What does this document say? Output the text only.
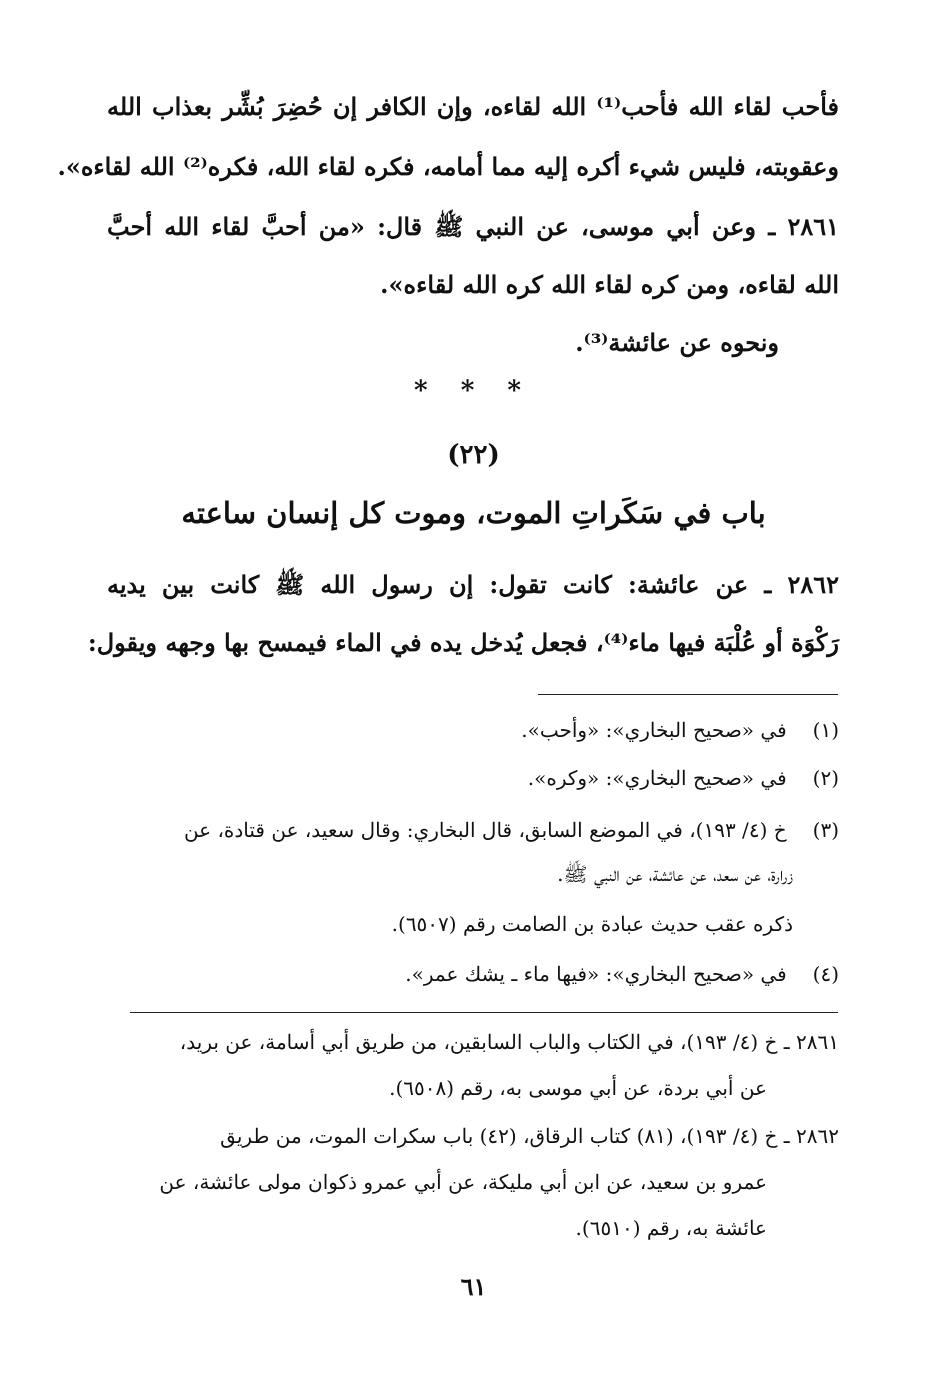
فأحب لقاء الله فأحب⁽¹⁾ الله لقاءه، وإن الكافر إن حُضِرَ بُشِّر بعذاب الله
وعقوبته، فليس شيء أكره إليه مما أمامه، فكره لقاء الله، فكره⁽²⁾ الله لقاءه».
٢٨٦١ ـ وعن أبي موسى، عن النبي ﷺ قال: «من أحبَّ لقاء الله أحبَّ
الله لقاءه، ومن كره لقاء الله كره الله لقاءه».
ونحوه عن عائشة⁽³⁾.
* * *
(٢٢)
باب في سَكَراتِ الموت، وموت كل إنسان ساعته
٢٨٦٢ ـ عن عائشة: كانت تقول: إن رسول الله ﷺ كانت بين يديه
رَكْوَة أو عُلْبَة فيها ماء⁽⁴⁾، فجعل يُدخل يده في الماء فيمسح بها وجهه ويقول:
(١) في «صحيح البخاري»: «وأحب».
(٢) في «صحيح البخاري»: «وكره».
(٣) خ (٤/ ١٩٣)، في الموضع السابق، قال البخاري: وقال سعيد، عن قتادة، عن
زرارة، عن سعد، عن عائشة، عن النبي ﷺ.
ذكره عقب حديث عبادة بن الصامت رقم (٦٥٠٧).
(٤) في «صحيح البخاري»: «فيها ماء ـ يشك عمر».
٢٨٦١ ـ خ (٤/ ١٩٣)، في الكتاب والباب السابقين، من طريق أبي أسامة، عن بريد،
عن أبي بردة، عن أبي موسى به، رقم (٦٥٠٨).
٢٨٦٢ ـ خ (٤/ ١٩٣)، (٨١) كتاب الرقاق، (٤٢) باب سكرات الموت، من طريق
عمرو بن سعيد، عن ابن أبي مليكة، عن أبي عمرو ذكوان مولى عائشة، عن
عائشة به، رقم (٦٥١٠).
٦١
